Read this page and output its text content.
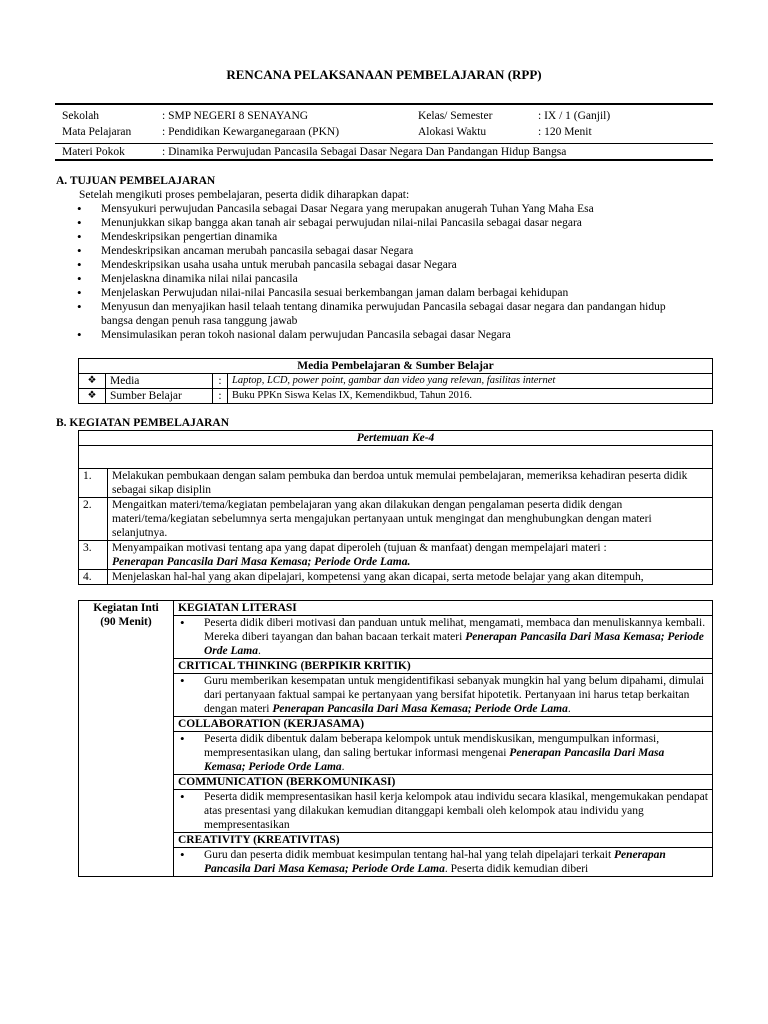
RENCANA PELAKSANAAN PEMBELAJARAN (RPP)
Sekolah	: SMP NEGERI 8 SENAYANG	Kelas/ Semester	: IX / 1 (Ganjil)
Mata Pelajaran	: Pendidikan Kewarganegaraan (PKN)	Alokasi Waktu	: 120 Menit
Materi Pokok	: Dinamika Perwujudan Pancasila Sebagai Dasar Negara Dan Pandangan Hidup Bangsa
A. TUJUAN PEMBELAJARAN
Setelah mengikuti proses pembelajaran, peserta didik diharapkan dapat:
• Mensyukuri perwujudan Pancasila sebagai Dasar Negara yang merupakan anugerah Tuhan Yang Maha Esa
• Menunjukkan sikap bangga akan tanah air sebagai perwujudan nilai-nilai Pancasila sebagai dasar negara
• Mendeskripsikan pengertian dinamika
• Mendeskripsikan ancaman merubah pancasila sebagai dasar Negara
• Mendeskripsikan usaha usaha untuk merubah pancasila sebagai dasar Negara
• Menjelaskna dinamika nilai nilai pancasila
• Menjelaskan Perwujudan nilai-nilai Pancasila sesuai berkembangan jaman dalam berbagai kehidupan
• Menyusun dan menyajikan hasil telaah tentang dinamika perwujudan Pancasila sebagai dasar negara dan pandangan hidup bangsa dengan penuh rasa tanggung jawab
• Mensimulasikan peran tokoh nasional dalam perwujudan Pancasila sebagai dasar Negara
Media Pembelajaran & Sumber Belajar			
❖	Media	:	Laptop, LCD, power point, gambar dan video yang relevan, fasilitas internet
❖	Sumber Belajar	:	Buku PPKn Siswa Kelas IX, Kemendikbud, Tahun 2016.
B. KEGIATAN PEMBELAJARAN
Pertemuan Ke-4	

1.	Melakukan pembukaan dengan salam pembuka dan berdoa untuk memulai pembelajaran, memeriksa kehadiran peserta didik sebagai sikap disiplin
2.	Mengaitkan materi/tema/kegiatan pembelajaran yang akan dilakukan dengan pengalaman peserta didik dengan materi/tema/kegiatan sebelumnya serta mengajukan pertanyaan untuk mengingat dan menghubungkan dengan materi selanjutnya.
3.	Menyampaikan motivasi tentang apa yang dapat diperoleh (tujuan & manfaat) dengan mempelajari materi :
Penerapan Pancasila Dari Masa Kemasa; Periode Orde Lama.
4.	Menjelaskan hal-hal yang akan dipelajari, kompetensi yang akan dicapai, serta metode belajar yang akan ditempuh,
Kegiatan Inti
(90 Menit)
	KEGIATAN LITERASI

• Peserta didik diberi motivasi dan panduan untuk melihat, mengamati, membaca dan menuliskannya kembali. Mereka diberi tayangan dan bahan bacaan terkait materi Penerapan Pancasila Dari Masa Kemasa; Periode Orde Lama.

CRITICAL THINKING (BERPIKIR KRITIK)

• Guru memberikan kesempatan untuk mengidentifikasi sebanyak mungkin hal yang belum dipahami, dimulai dari pertanyaan faktual sampai ke pertanyaan yang bersifat hipotetik. Pertanyaan ini harus tetap berkaitan dengan materi Penerapan Pancasila Dari Masa Kemasa; Periode Orde Lama.

COLLABORATION (KERJASAMA)

• Peserta didik dibentuk dalam beberapa kelompok untuk mendiskusikan, mengumpulkan informasi, mempresentasikan ulang, dan saling bertukar informasi mengenai Penerapan Pancasila Dari Masa Kemasa; Periode Orde Lama.

COMMUNICATION (BERKOMUNIKASI)

• Peserta didik mempresentasikan hasil kerja kelompok atau individu secara klasikal, mengemukakan pendapat atas presentasi yang dilakukan kemudian ditanggapi kembali oleh kelompok atau individu yang mempresentasikan

CREATIVITY (KREATIVITAS)

• Guru dan peserta didik membuat kesimpulan tentang hal-hal yang telah dipelajari terkait Penerapan Pancasila Dari Masa Kemasa; Periode Orde Lama. Peserta didik kemudian diberi
